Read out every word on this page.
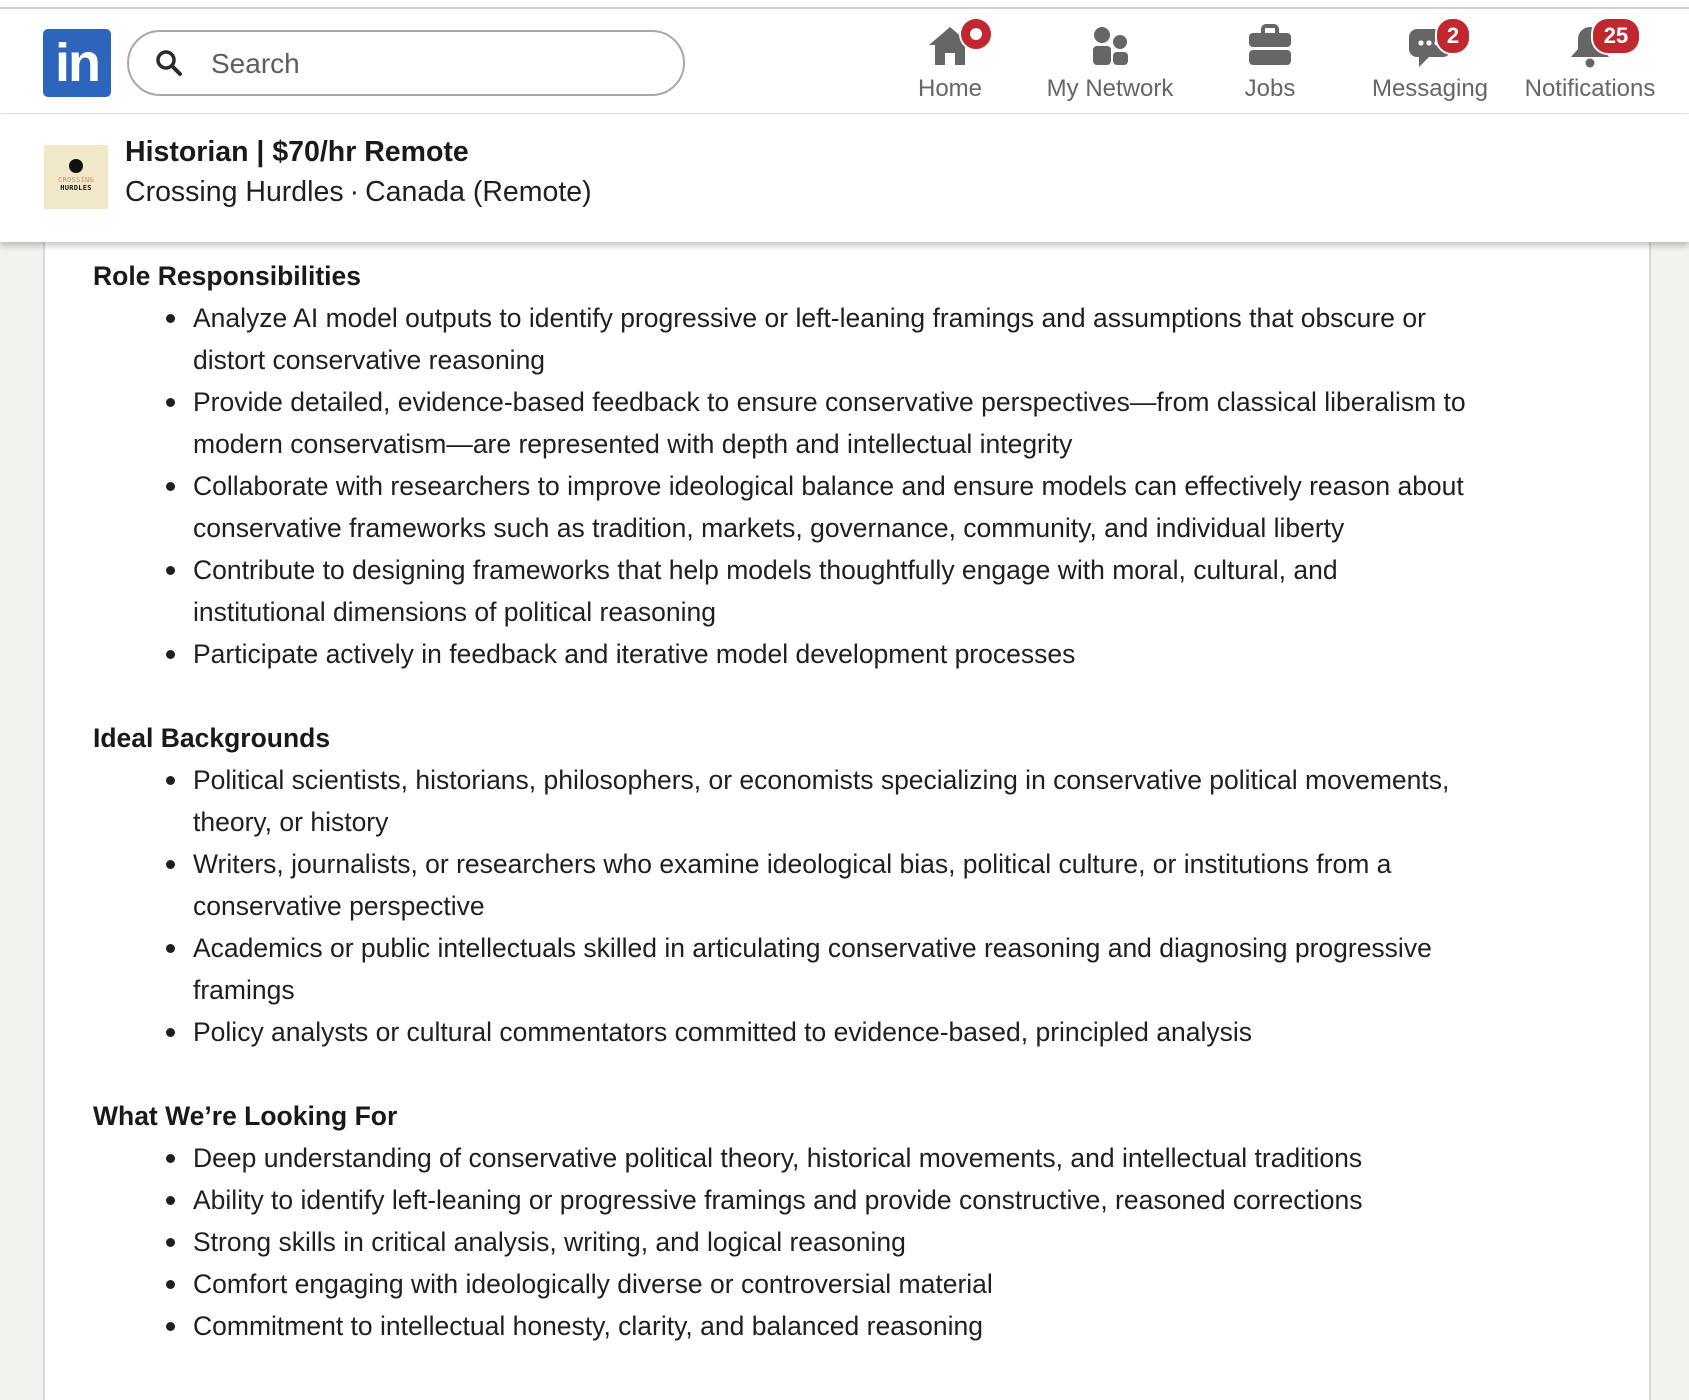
Role Responsibilities
Analyze AI model outputs to identify progressive or left-leaning framings and assumptions that obscure or
distort conservative reasoning
Provide detailed, evidence-based feedback to ensure conservative perspectives—from classical liberalism to
modern conservatism—are represented with depth and intellectual integrity
Collaborate with researchers to improve ideological balance and ensure models can effectively reason about
conservative frameworks such as tradition, markets, governance, community, and individual liberty
Contribute to designing frameworks that help models thoughtfully engage with moral, cultural, and
institutional dimensions of political reasoning
Participate actively in feedback and iterative model development processes
Ideal Backgrounds
Political scientists, historians, philosophers, or economists specializing in conservative political movements,
theory, or history
Writers, journalists, or researchers who examine ideological bias, political culture, or institutions from a
conservative perspective
Academics or public intellectuals skilled in articulating conservative reasoning and diagnosing progressive
framings
Policy analysts or cultural commentators committed to evidence-based, principled analysis
What We’re Looking For
Deep understanding of conservative political theory, historical movements, and intellectual traditions
Ability to identify left-leaning or progressive framings and provide constructive, reasoned corrections
Strong skills in critical analysis, writing, and logical reasoning
Comfort engaging with ideologically diverse or controversial material
Commitment to intellectual honesty, clarity, and balanced reasoning
in
Search	Home	My Network	Jobs
2
Messaging
25
Notifications
CROSSING
HURDLES
Historian | $70/hr Remote
Crossing Hurdles · Canada (Remote)
